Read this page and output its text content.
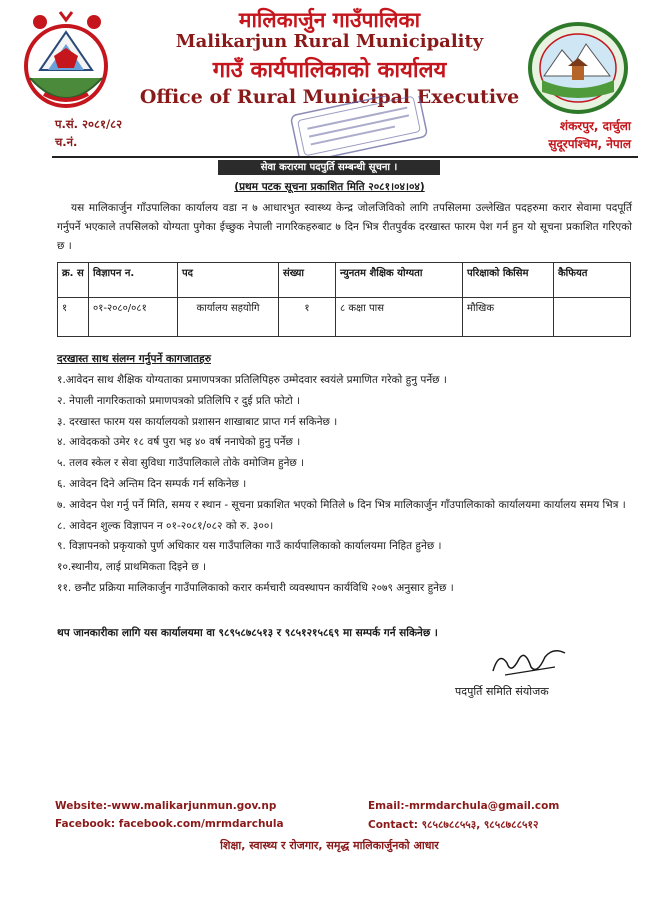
मालिकार्जुन गाउँपालिका
Malikarjun Rural Municipality
गाउँ कार्यपालिकाको कार्यालय
Office of Rural Municipal Executive
प.सं. २०८१/८२
च.नं.
शंकरपुर, दार्चुला
सुदूरपश्चिम, नेपाल
सेवा करारमा पदपुर्ति सम्बन्धी सूचना ।
(प्रथम पटक सूचना प्रकाशित मिति २०८१।०४।०४)
यस मालिकार्जुन गाँउपालिका कार्यालय वडा न ७ आधारभुत स्वास्थ्य केन्द्र जोलजिविको लागि तपसिलमा उल्लेखित पदहरुमा करार सेवामा पदपूर्ति गर्नुपर्ने भएकाले तपसिलको योग्यता पुगेका ईच्छुक नेपाली नागरिकहरुबाट ७ दिन भित्र रीतपुर्वक दरखास्त फारम पेश गर्न हुन यो सूचना प्रकाशित गरिएको छ ।
क्र. स	विज्ञापन न.	पद	संख्या	न्युनतम शैक्षिक योग्यता	परिक्षाको किसिम	कैफियत
१	०१-२०८०/०८१	कार्यालय सहयोगि	१	८ कक्षा पास	मौखिक	
दरखास्त साथ संलग्न गर्नुपर्ने कागजातहरु
१.आवेदन साथ शैक्षिक योग्यताका प्रमाणपत्रका प्रतिलिपिहरु उम्मेदवार स्वयंले प्रमाणित गरेको हुनु पर्नेछ ।
२. नेपाली नागरिकताको प्रमाणपत्रको प्रतिलिपि र दुई प्रति फोटो ।
३. दरखास्त फारम यस कार्यालयको प्रशासन शाखाबाट प्राप्त गर्न सकिनेछ ।
४. आवेदकको उमेर १८ वर्ष पुरा भइ ४० वर्ष ननाघेको हुनु पर्नेछ ।
५. तलव स्केल र सेवा सुविधा गाउँपालिकाले तोके वमोजिम हुनेछ ।
६. आवेदन दिने अन्तिम दिन सम्पर्क गर्न सकिनेछ ।
७. आवेदन पेश गर्नु पर्ने मिति, समय र स्थान - सूचना प्रकाशित भएको मितिले ७ दिन भित्र मालिकार्जुन गाँउपालिकाको कार्यालयमा कार्यालय समय भित्र ।
८. आवेदन शुल्क विज्ञापन न ०१-२०८१/०८२ को रु. ३००।
९. विज्ञापनको प्रकृयाको पुर्ण अधिकार यस गाउँपालिका गाउँ कार्यपालिकाको कार्यालयमा निहित हुनेछ ।
१०.स्थानीय, लाई प्राथमिकता दिइने छ ।
११. छनौट प्रक्रिया मालिकार्जुन गाउँपालिकाको करार कर्मचारी व्यवस्थापन कार्यविधि २०७९ अनुसार हुनेछ ।
थप जानकारीका लागि यस कार्यालयमा वा ९८९५८७८५१३ र ९८५१२१५८६९ मा सम्पर्क गर्न सकिनेछ ।
पदपुर्ति समिति संयोजक
Website:-www.malikarjunmun.gov.np	Email:-mrmdarchula@gmail.com
Facebook: facebook.com/mrmdarchula	Contact: ९८५८७८८५५३, ९८५८७८८५१२
शिक्षा, स्वास्थ्य र रोजगार, समृद्ध मालिकार्जुनको आधार
